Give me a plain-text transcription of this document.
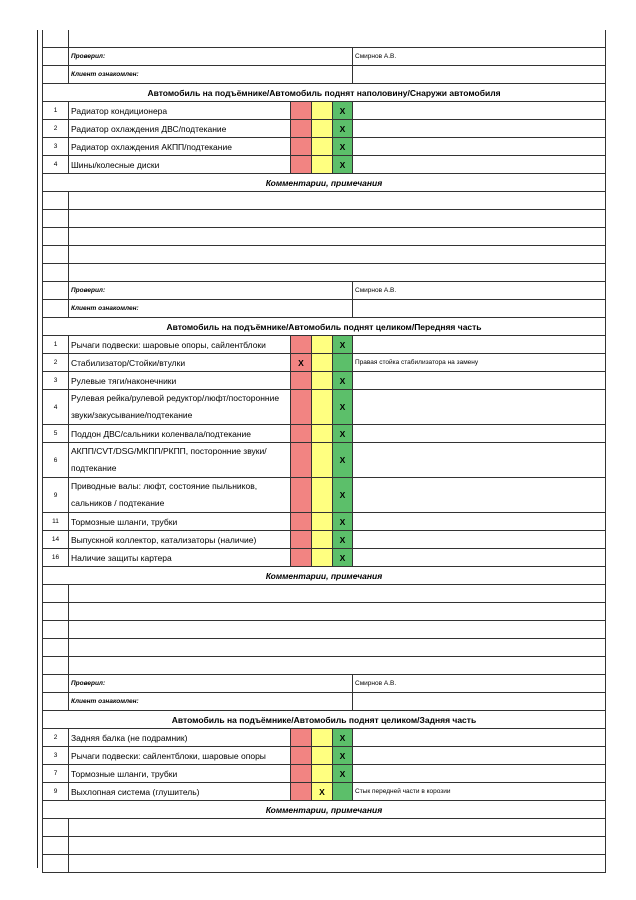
	Проверил:				Смирнов А.В.
	Клиент ознакомлен:				
Автомобиль на подъёмнике/Автомобиль поднят наполовину/Снаружи автомобиля					
1	Радиатор кондиционера			X	
2	Радиатор охлаждения ДВС/подтекание			X	
3	Радиатор охлаждения АКПП/подтекание			X	
4	Шины/колесные диски			X	
Комментарии, примечания					

	Проверил:				Смирнов А.В.
	Клиент ознакомлен:				
Автомобиль на подъёмнике/Автомобиль поднят целиком/Передняя часть					
1	Рычаги подвески: шаровые опоры, сайлентблоки			X	
2	Стабилизатор/Стойки/втулки	X			Правая стойка стабилизатора на замену
3	Рулевые тяги/наконечники			X	
4	Рулевая рейка/рулевой редуктор/люфт/посторонние звуки/закусывание/подтекание			X	
5	Поддон ДВС/сальники коленвала/подтекание			X	
6	АКПП/CVT/DSG/МКПП/РКПП, посторонние звуки/ подтекание			X	
9	Приводные валы: люфт, состояние пыльников, сальников / подтекание			X	
11	Тормозные шланги, трубки			X	
14	Выпускной коллектор, катализаторы (наличие)			X	
16	Наличие защиты картера			X	
Комментарии, примечания					

	Проверил:				Смирнов А.В.
	Клиент ознакомлен:				
Автомобиль на подъёмнике/Автомобиль поднят целиком/Задняя часть					
2	Задняя балка (не подрамник)			X	
3	Рычаги подвески: сайлентблоки, шаровые опоры			X	
7	Тормозные шланги, трубки			X	
9	Выхлопная система (глушитель)		X		Стык передней части в корозии
Комментарии, примечания					
